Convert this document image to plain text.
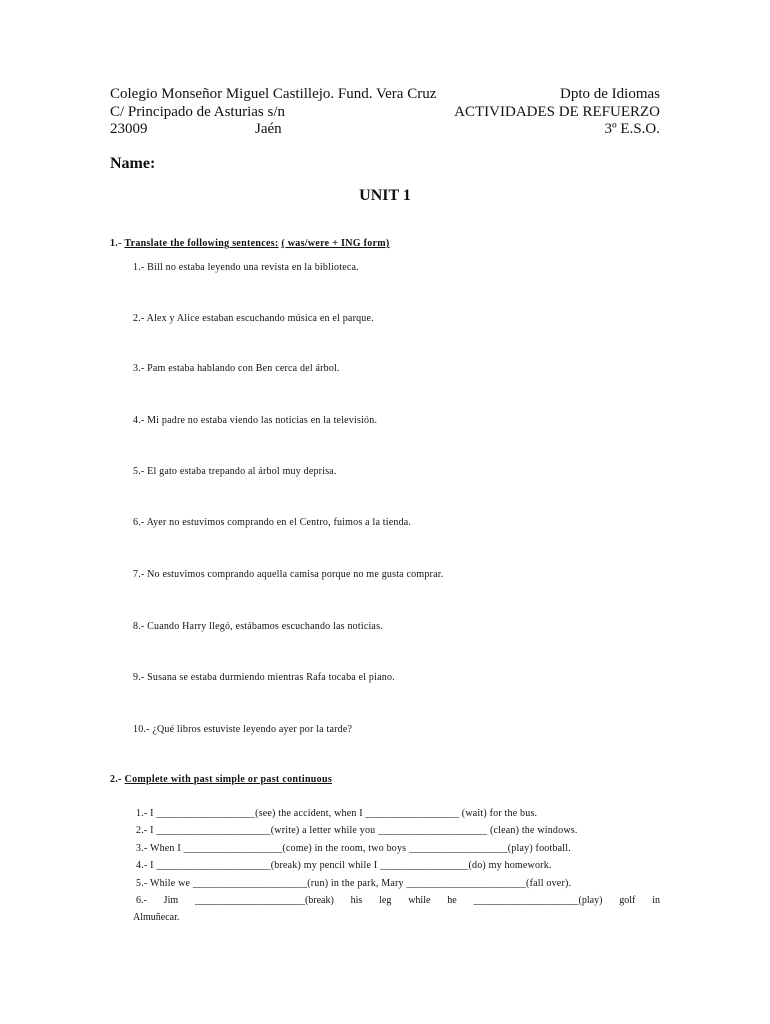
Colegio Monseñor Miguel Castillejo. Fund. Vera Cruz	Dpto de Idiomas
C/ Principado de Asturias s/n	ACTIVIDADES DE REFUERZO
23009	Jaén	3º E.S.O.
Name:
UNIT 1
1.- Translate the following sentences: ( was/were + ING form)
1.- Bill no estaba leyendo una revista en la biblioteca.
2.- Alex y Alice estaban escuchando música en el parque.
3.- Pam estaba hablando con Ben cerca del árbol.
4.- Mi padre no estaba viendo las noticias en la televisión.
5.- El gato estaba trepando al árbol muy deprisa.
6.- Ayer no estuvimos comprando en el Centro, fuimos a la tienda.
7.- No estuvimos comprando aquella camisa porque no me gusta comprar.
8.- Cuando Harry llegó, estábamos escuchando las noticias.
9.- Susana se estaba durmiendo mientras Rafa tocaba el piano.
10.- ¿Qué libros estuviste leyendo ayer por la tarde?
2.- Complete with past simple or past continuous
1.- I ___________________(see) the accident, when I __________________ (wait) for the bus.
2.- I ______________________(write) a letter while you _____________________ (clean) the windows.
3.- When I ___________________(come) in the room, two boys ___________________(play) football.
4.- I ______________________(break) my pencil while I _________________(do) my homework.
5.- While we ______________________(run) in the park, Mary _______________________(fall over).
6.- Jim ______________________(break) his leg while he _____________________(play) golf in
Almuñecar.
